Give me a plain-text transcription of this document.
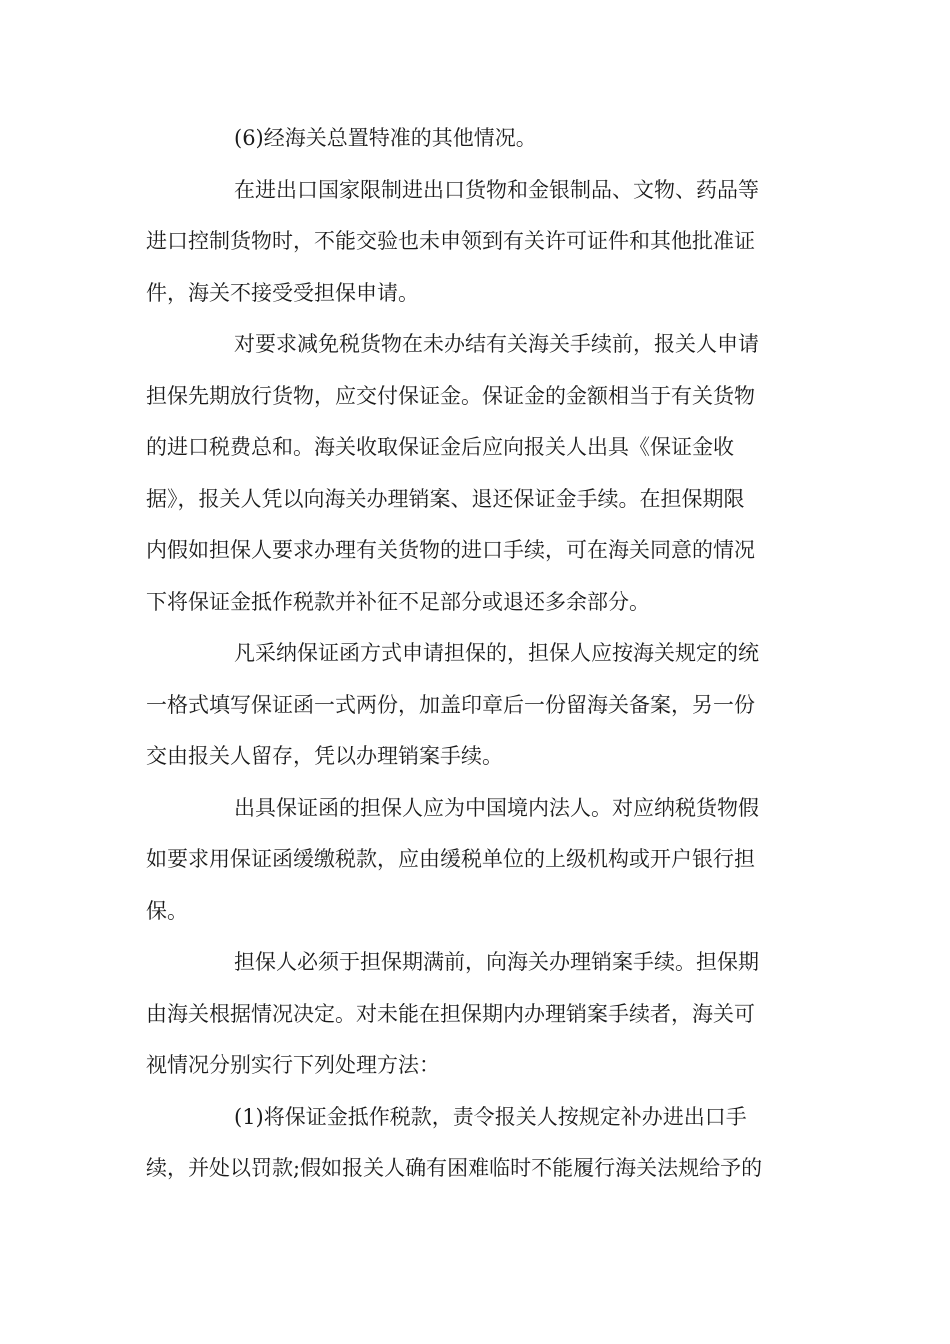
(6)经海关总置特准的其他情况。
在进出口国家限制进出口货物和金银制品、文物、药品等
进口控制货物时，不能交验也未申领到有关许可证件和其他批准证
件，海关不接受受担保申请。
对要求减免税货物在未办结有关海关手续前，报关人申请
担保先期放行货物，应交付保证金。保证金的金额相当于有关货物
的进口税费总和。海关收取保证金后应向报关人出具《保证金收
据》，报关人凭以向海关办理销案、退还保证金手续。在担保期限
内假如担保人要求办理有关货物的进口手续，可在海关同意的情况
下将保证金抵作税款并补征不足部分或退还多余部分。
凡采纳保证函方式申请担保的，担保人应按海关规定的统
一格式填写保证函一式两份，加盖印章后一份留海关备案，另一份
交由报关人留存，凭以办理销案手续。
出具保证函的担保人应为中国境内法人。对应纳税货物假
如要求用保证函缓缴税款，应由缓税单位的上级机构或开户银行担
保。
担保人必须于担保期满前，向海关办理销案手续。担保期
由海关根据情况决定。对未能在担保期内办理销案手续者，海关可
视情况分别实行下列处理方法：
(1)将保证金抵作税款，责令报关人按规定补办进出口手
续，并处以罚款;假如报关人确有困难临时不能履行海关法规给予的
